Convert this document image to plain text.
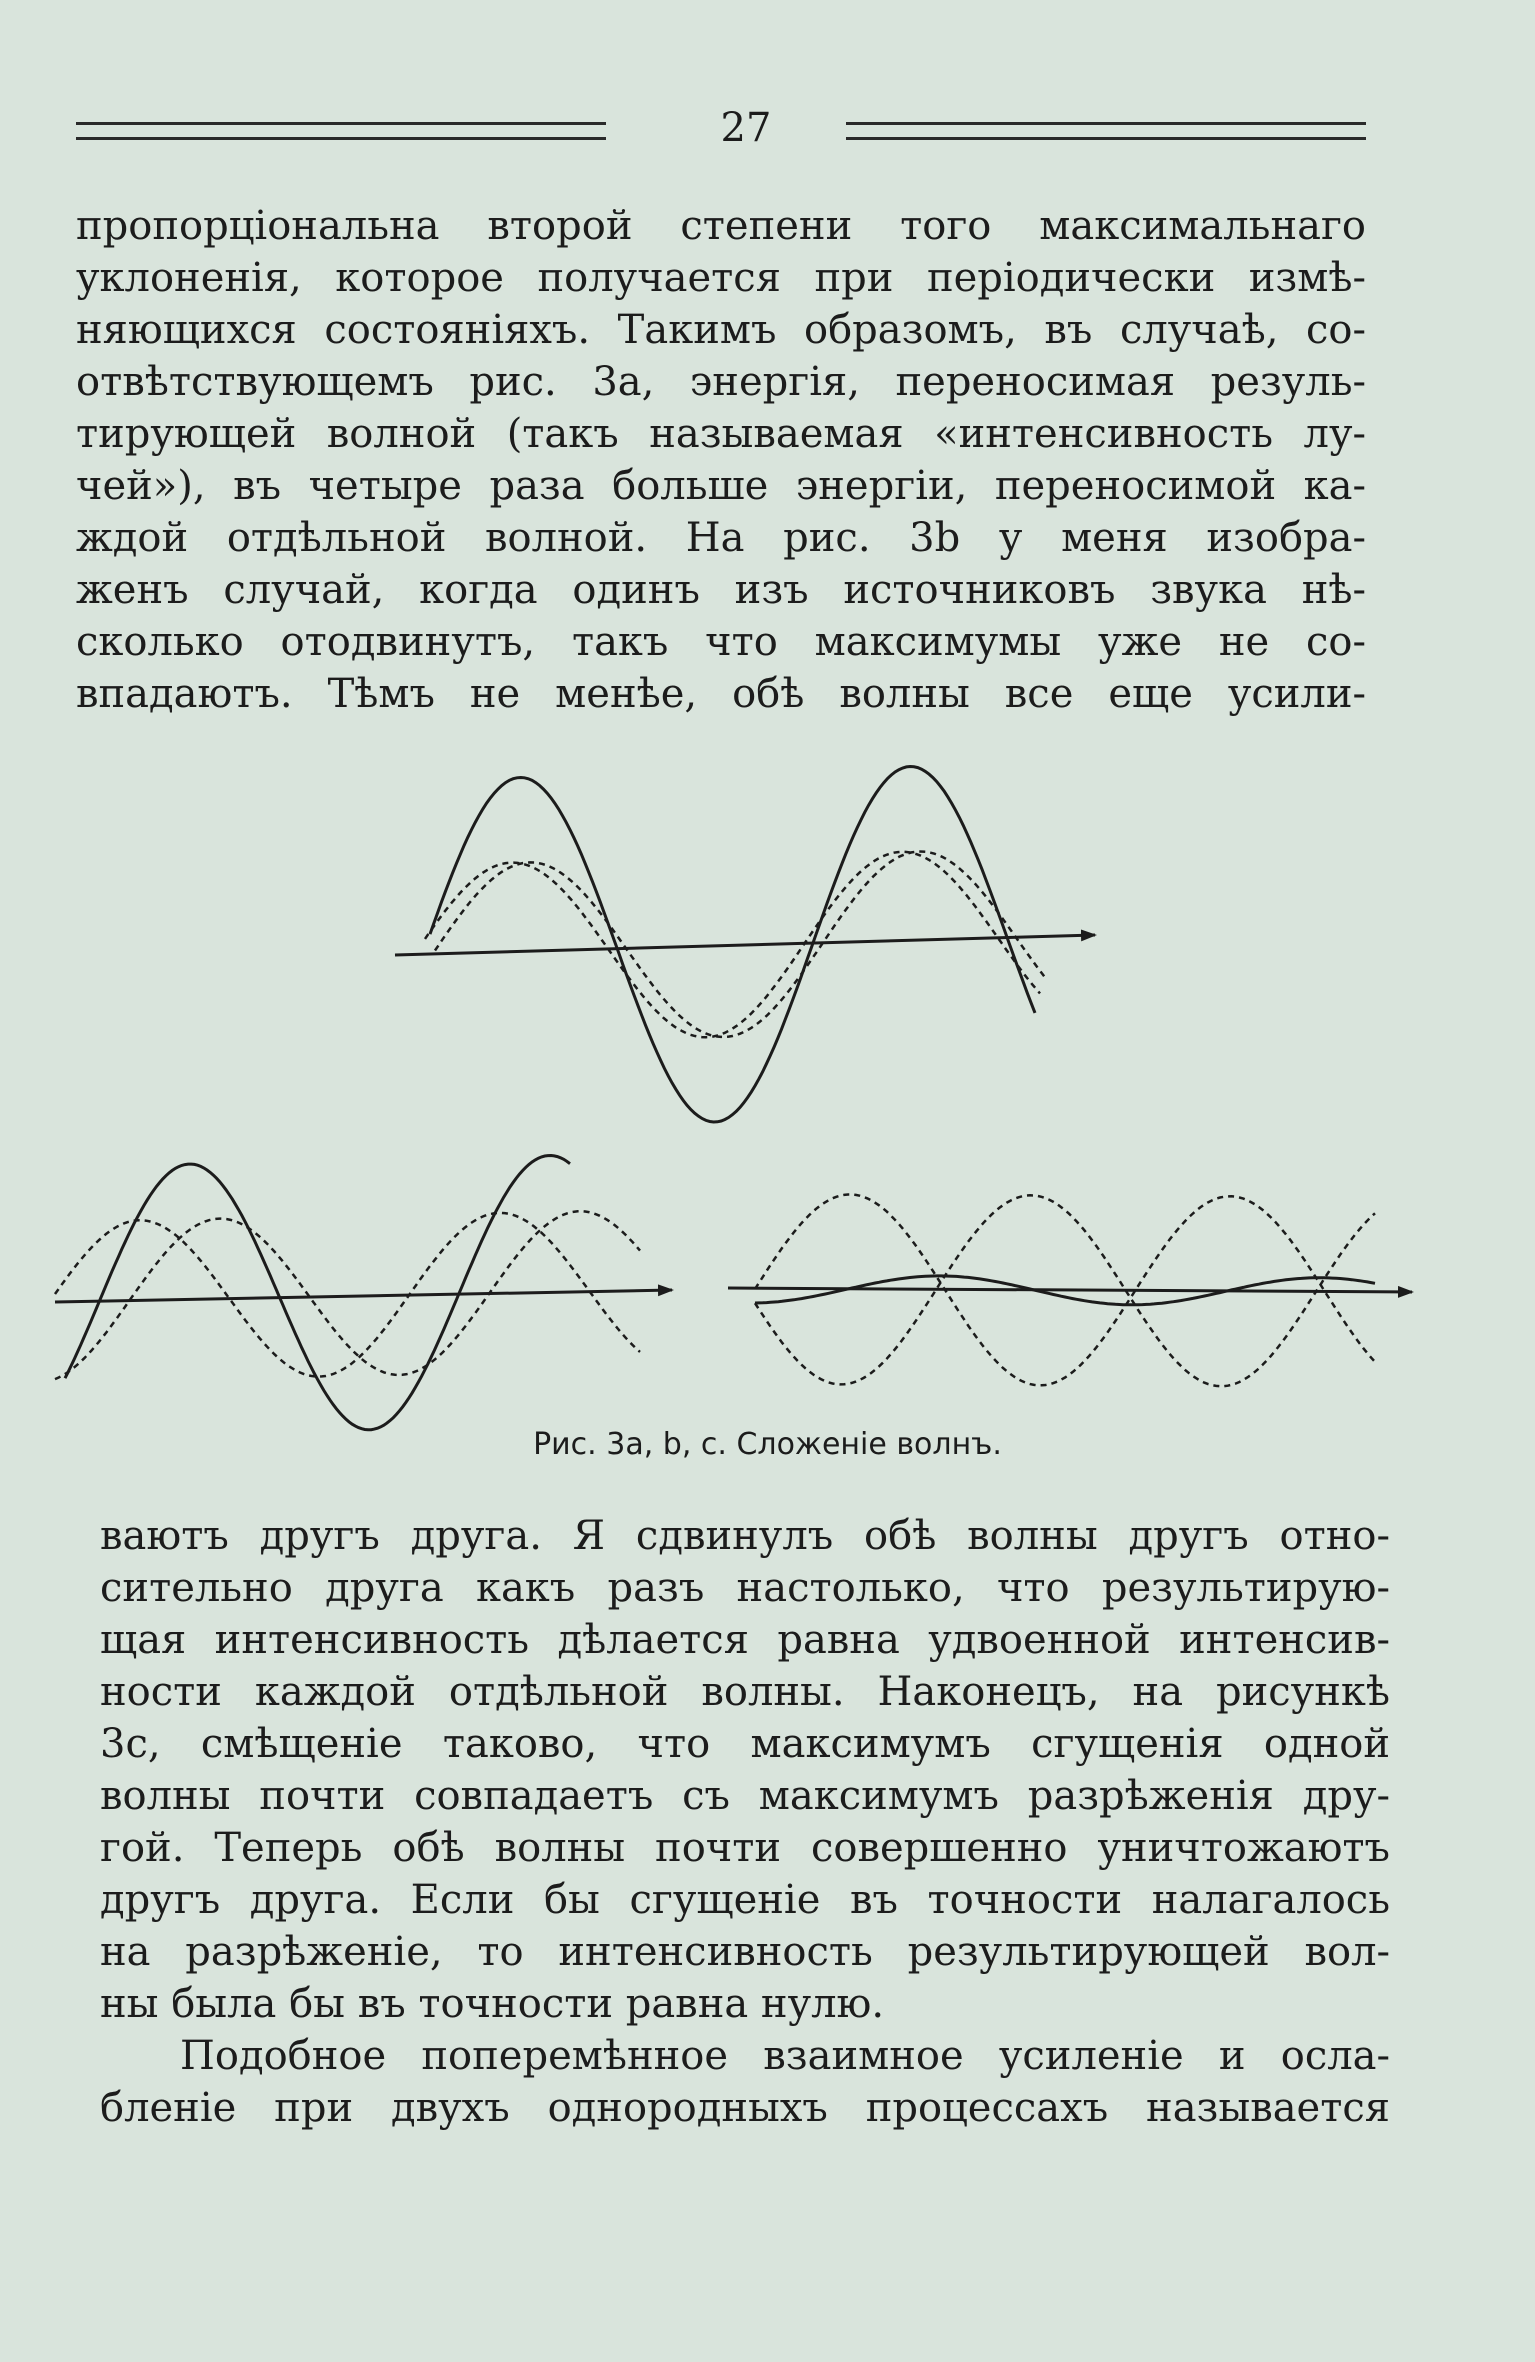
27
пропорціональна второй степени того максимальнаго
уклоненія, которое получается при періодически измѣ-
няющихся состояніяхъ. Такимъ образомъ, въ случаѣ, со-
отвѣтствующемъ рис. 3а, энергія, переносимая резуль-
тирующей волной (такъ называемая «интенсивность лу-
чей»), въ четыре раза больше энергіи, переносимой ка-
ждой отдѣльной волной. На рис. 3b у меня изобра-
женъ случай, когда одинъ изъ источниковъ звука нѣ-
сколько отодвинутъ, такъ что максимумы уже не со-
впадаютъ. Тѣмъ не менѣе, обѣ волны все еще усили-
Рис. 3a, b, c. Сложеніе волнъ.
ваютъ другъ друга. Я сдвинулъ обѣ волны другъ отно-
сительно друга какъ разъ настолько, что результирую-
щая интенсивность дѣлается равна удвоенной интенсив-
ности каждой отдѣльной волны. Наконецъ, на рисункѣ
3с, смѣщеніе таково, что максимумъ сгущенія одной
волны почти совпадаетъ съ максимумъ разрѣженія дру-
гой. Теперь обѣ волны почти совершенно уничтожаютъ
другъ друга. Если бы сгущеніе въ точности налагалось
на разрѣженіе, то интенсивность результирующей вол-
ны была бы въ точности равна нулю.
Подобное поперемѣнное взаимное усиленіе и осла-
бленіе при двухъ однородныхъ процессахъ называется
